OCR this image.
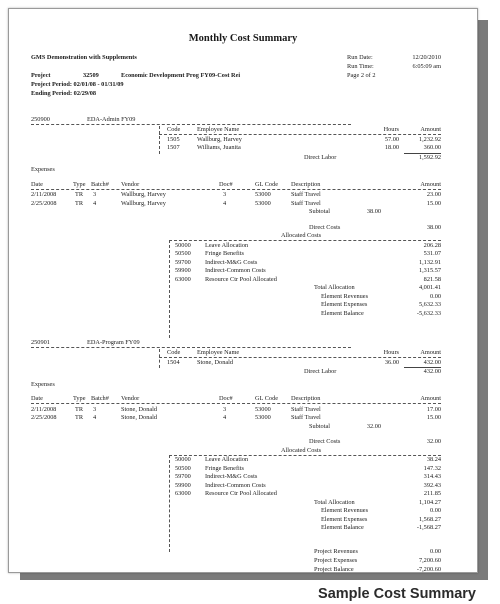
Monthly Cost Summary
GMS Demonstration with Supplements	Run Date:	12/20/2010
Run Time:	6:05:09 am
Page 2 of 2
Project	32509	Economic Development Prog FY09-Cost Rei
Project Period: 02/01/08 - 01/31/09
Ending Period: 02/29/08
250900	EDA-Admin FY09
Code	Employee Name	Hours	Amount
1505	Wallburg, Harvey	57.00	1,232.92
1507	Williams, Juanita	18.00	360.00
Direct Labor	1,592.92
Expenses
Date	Type Batch# Vendor	Doc#	GL Code Description	Amount
2/11/2008	TR 3	Wallburg, Harvey	3	53000	Staff Travel	23.00
2/25/2008	TR 4	Wallburg, Harvey	4	53000	Staff Travel	15.00
Subtotal	38.00
Direct Costs	38.00
Allocated Costs
50000 Leave Allocation	206.28
50500 Fringe Benefits	531.07
59700 Indirect-M&G Costs	1,132.91
59900 Indirect-Common Costs	1,315.57
63000 Resource Ctr Pool Allocated	821.58
Total Allocation	4,001.41
Element Revenues	0.00
Element Expenses	5,632.33
Element Balance	-5,632.33
250901	EDA-Program FY09
Code	Employee Name	Hours	Amount
1504	Stone, Donald	36.00	432.00
Direct Labor	432.00
Expenses
Date	Type Batch# Vendor	Doc#	GL Code Description	Amount
2/11/2008	TR 3	Stone, Donald	3	53000	Staff Travel	17.00
2/25/2008	TR 4	Stone, Donald	4	53000	Staff Travel	15.00
Subtotal	32.00
Direct Costs	32.00
Allocated Costs
50000 Leave Allocation	38.24
50500 Fringe Benefits	147.32
59700 Indirect-M&G Costs	314.43
59900 Indirect-Common Costs	392.43
63000 Resource Ctr Pool Allocated	211.85
Total Allocation	1,104.27
Element Revenues	0.00
Element Expenses	1,568.27
Element Balance	-1,568.27
Project Revenues	0.00
Project Expenses	7,200.60
Project Balance	-7,200.60
Sample Cost Summary
